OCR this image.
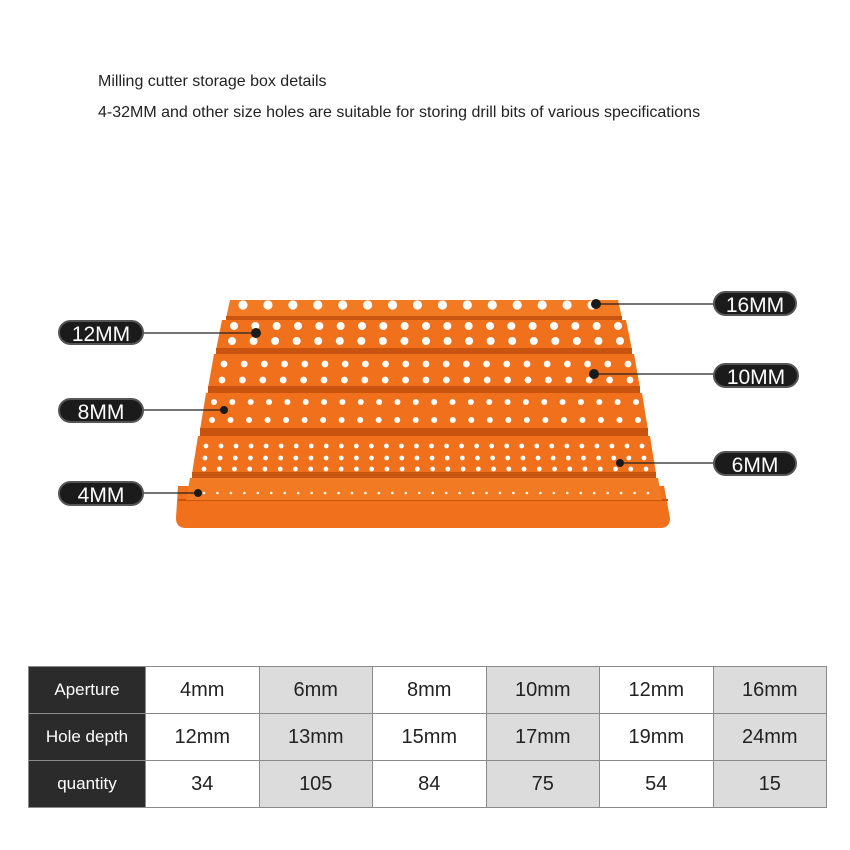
Milling cutter storage box details
4-32MM and other size holes are suitable for storing drill bits of various specifications
16MM
12MM
10MM
8MM
6MM
4MM
Aperture	4mm	6mm	8mm	10mm	12mm	16mm
Hole depth	12mm	13mm	15mm	17mm	19mm	24mm
quantity	34	105	84	75	54	15
